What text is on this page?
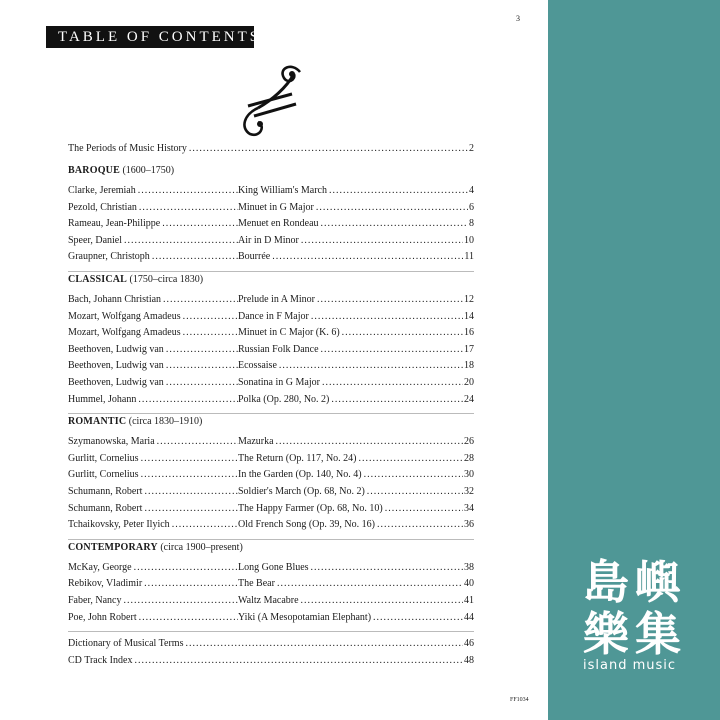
3
TABLE OF CONTENTS
The Periods of Music History .....	2
BAROQUE (1600–1750)
Clarke, Jeremiah .....	King William's March .....	4
Pezold, Christian .....	Minuet in G Major .....	6
Rameau, Jean-Philippe .....	Menuet en Rondeau .....	8
Speer, Daniel .....	Air in D Minor .....	10
Graupner, Christoph .....	Bourrée .....	11
CLASSICAL (1750–circa 1830)
Bach, Johann Christian .....	Prelude in A Minor .....	12
Mozart, Wolfgang Amadeus .....	Dance in F Major .....	14
Mozart, Wolfgang Amadeus .....	Minuet in C Major (K. 6) .....	16
Beethoven, Ludwig van .....	Russian Folk Dance .....	17
Beethoven, Ludwig van .....	Ecossaise .....	18
Beethoven, Ludwig van .....	Sonatina in G Major .....	20
Hummel, Johann .....	Polka (Op. 280, No. 2) .....	24
ROMANTIC (circa 1830–1910)
Szymanowska, Maria .....	Mazurka .....	26
Gurlitt, Cornelius .....	The Return (Op. 117, No. 24) .....	28
Gurlitt, Cornelius .....	In the Garden (Op. 140, No. 4) .....	30
Schumann, Robert .....	Soldier's March (Op. 68, No. 2) .....	32
Schumann, Robert .....	The Happy Farmer (Op. 68, No. 10) .....	34
Tchaikovsky, Peter Ilyich .....	Old French Song (Op. 39, No. 16) .....	36
CONTEMPORARY (circa 1900–present)
McKay, George .....	Long Gone Blues .....	38
Rebikov, Vladimir .....	The Bear .....	40
Faber, Nancy .....	Waltz Macabre .....	41
Poe, John Robert .....	Yiki (A Mesopotamian Elephant) .....	44
Dictionary of Musical Terms .....	46
CD Track Index .....	48
FF1034
島嶼
樂集
island music
